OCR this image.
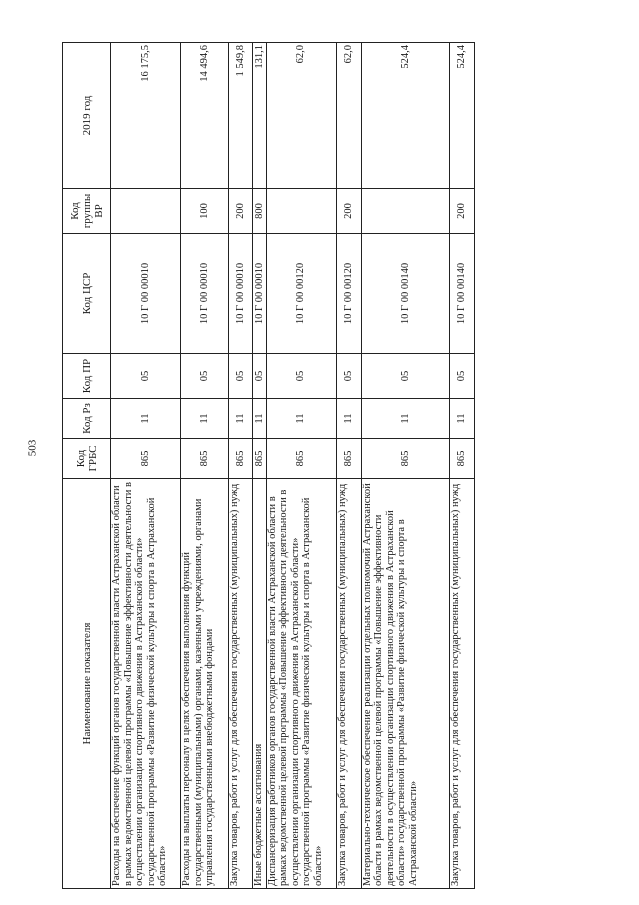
503
Наименование показателя	Код ГРБС	Код Рз	Код ПР	Код ЦСР	Код группы ВР	2019 год
Расходы на обеспечение функций органов государственной власти Астраханской области в рамках ведомственной целевой программы «Повышение эффективности деятельности в осуществлении организации спортивного движения в Астраханской области» государственной программы «Развитие физической культуры и спорта в Астраханской области»	865	11	05	10 Г 00 00010		16 175,5
Расходы на выплаты персоналу в целях обеспечения выполнения функций государственными (муниципальными) органами, казенными учреждениями, органами управления государственными внебюджетными фондами	865	11	05	10 Г 00 00010	100	14 494,6
Закупка товаров, работ и услуг для обеспечения государственных (муниципальных) нужд	865	11	05	10 Г 00 00010	200	1 549,8
Иные бюджетные ассигнования	865	11	05	10 Г 00 00010	800	131,1
Диспансеризация работников органов государственной власти Астраханской области в рамках ведомственной целевой программы «Повышение эффективности деятельности в осуществлении организации спортивного движения в Астраханской области» государственной программы «Развитие физической культуры и спорта в Астраханской области»	865	11	05	10 Г 00 00120		62,0
Закупка товаров, работ и услуг для обеспечения государственных (муниципальных) нужд	865	11	05	10 Г 00 00120	200	62,0
Материально-техническое обеспечение реализации отдельных полномочий Астраханской области в рамках ведомственной целевой программы «Повышение эффективности деятельности в осуществлении организации спортивного движения в Астраханской области» государственной программы «Развитие физической культуры и спорта в Астраханской области»	865	11	05	10 Г 00 00140		524,4
Закупка товаров, работ и услуг для обеспечения государственных (муниципальных) нужд	865	11	05	10 Г 00 00140	200	524,4
